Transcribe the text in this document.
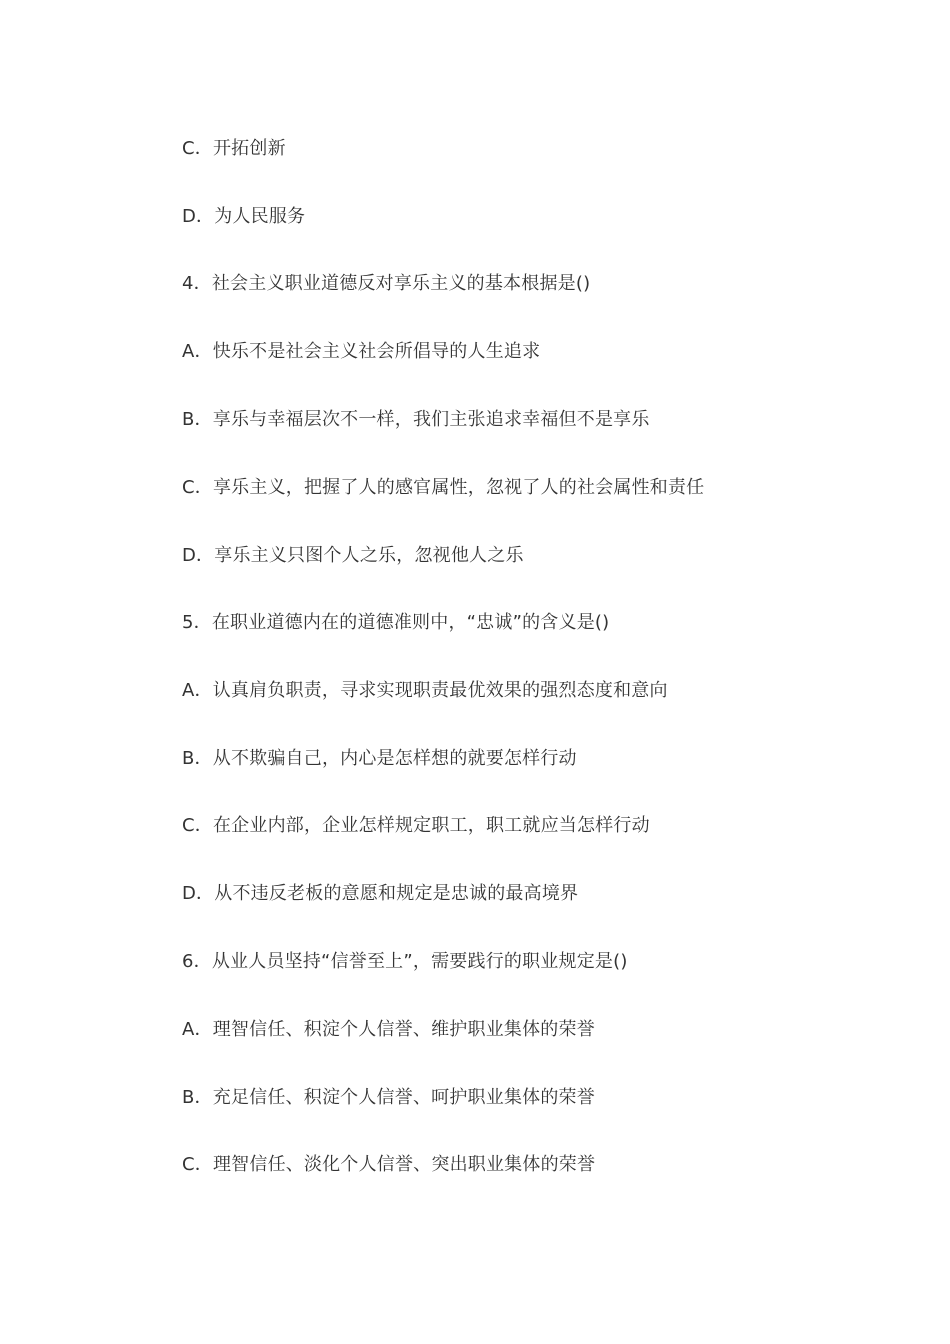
C．开拓创新
D．为人民服务
4．社会主义职业道德反对享乐主义的基本根据是()
A．快乐不是社会主义社会所倡导的人生追求
B．享乐与幸福层次不一样，我们主张追求幸福但不是享乐
C．享乐主义，把握了人的感官属性，忽视了人的社会属性和责任
D．享乐主义只图个人之乐，忽视他人之乐
5．在职业道德内在的道德准则中，“忠诚”的含义是()
A．认真肩负职责，寻求实现职责最优效果的强烈态度和意向
B．从不欺骗自己，内心是怎样想的就要怎样行动
C．在企业内部，企业怎样规定职工，职工就应当怎样行动
D．从不违反老板的意愿和规定是忠诚的最高境界
6．从业人员坚持“信誉至上”，需要践行的职业规定是()
A．理智信任、积淀个人信誉、维护职业集体的荣誉
B．充足信任、积淀个人信誉、呵护职业集体的荣誉
C．理智信任、淡化个人信誉、突出职业集体的荣誉
